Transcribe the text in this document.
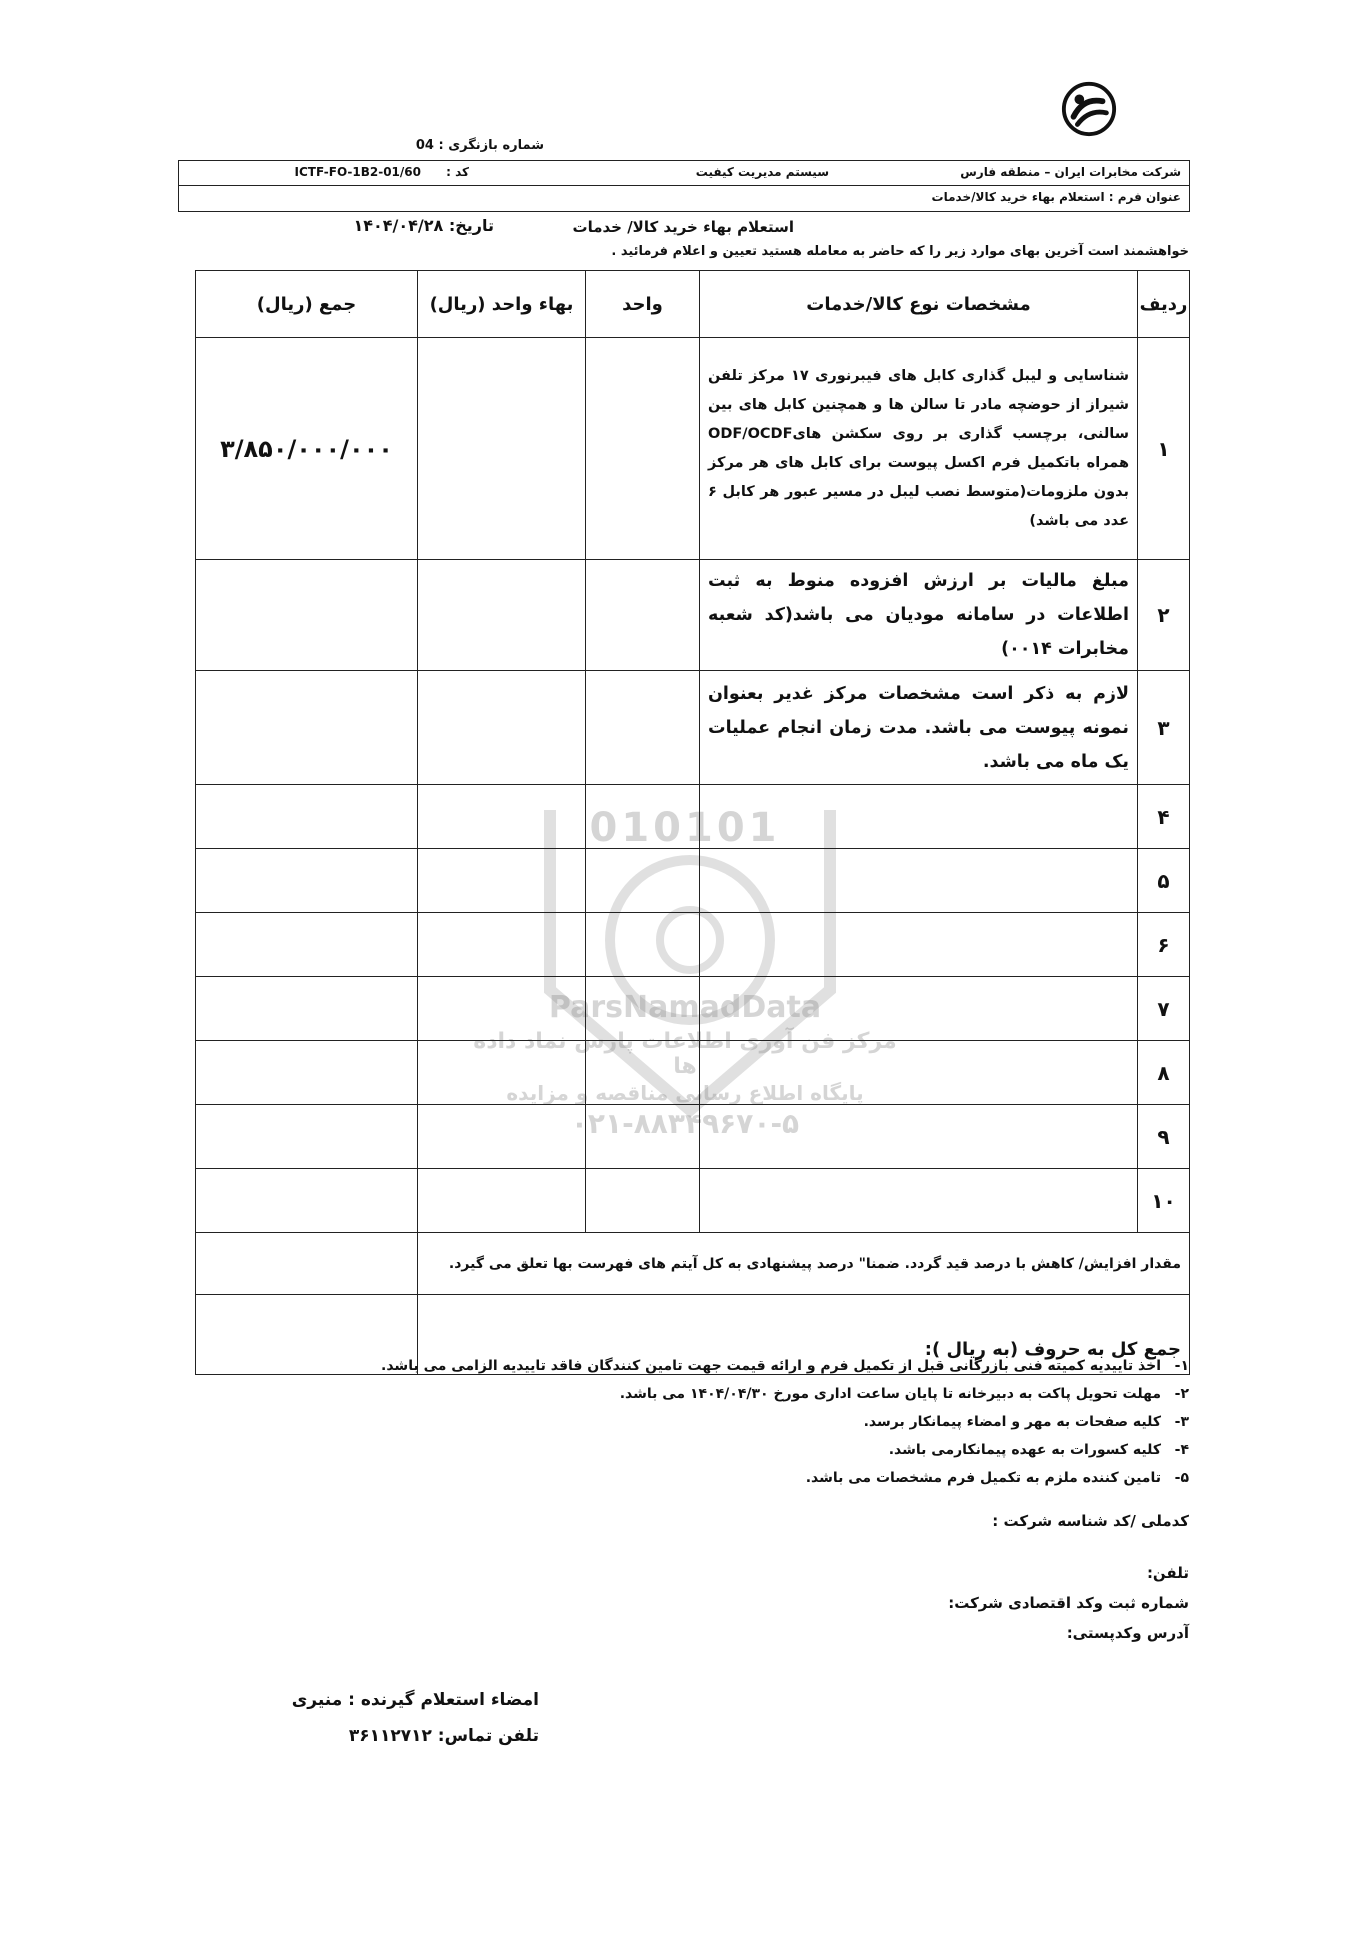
010101
ParsNamadData
مرکز فن آوری اطلاعات پارس نماد داده ها
پایگاه اطلاع رسانی مناقصه و مزایده
۰۲۱-۸۸۳۴۹۶۷۰-۵
شماره بازنگری : 04
شرکت مخابرات ایران – منطقه فارس
سیستم مدیریت کیفیت
کد :
ICTF-FO-1B2-01/60
عنوان فرم : استعلام بهاء خرید کالا/خدمات
استعلام بهاء خرید کالا/ خدمات
تاریخ: ۱۴۰۴/۰۴/۲۸
خواهشمند است آخرین بهای موارد زیر را که حاضر به معامله هستید تعیین و اعلام فرمائید .
ردیف	مشخصات نوع کالا/خدمات	واحد	بهاء واحد (ریال)	جمع (ریال)
۱	شناسایی و لیبل گذاری کابل های فیبرنوری ۱۷ مرکز تلفن شیراز از حوضچه مادر تا سالن ها و همچنین کابل های بین سالنی، برچسب گذاری بر روی سکشن هایODF/OCDF همراه باتکمیل فرم اکسل پیوست برای کابل های هر مرکز بدون ملزومات(متوسط نصب لیبل در مسیر عبور هر کابل ۶ عدد می باشد)			۳/۸۵۰/۰۰۰/۰۰۰
۲	مبلغ مالیات بر ارزش افزوده منوط به ثبت اطلاعات در سامانه مودیان می باشد(کد شعبه مخابرات ۰۰۱۴)			
۳	لازم به ذکر است مشخصات مرکز غدیر بعنوان نمونه پیوست می باشد. مدت زمان انجام عملیات یک ماه می باشد.			
۴				
۵				
۶				
۷				
۸				
۹				
۱۰				
مقدار افزایش/ کاهش با درصد قید گردد. ضمنا" درصد پیشنهادی به کل آیتم های فهرست بها تعلق می گیرد.				
جمع کل به حروف (به ریال ):				
۱-اخذ تاییدیه کمیته فنی بازرگانی قبل از تکمیل فرم و ارائه قیمت جهت تامین کنندگان فاقد تاییدیه الزامی می باشد.
۲-مهلت تحویل پاکت به دبیرخانه تا پایان ساعت اداری مورخ ۱۴۰۴/۰۴/۳۰ می باشد.
۳-کلیه صفحات به مهر و امضاء پیمانکار برسد.
۴-کلیه کسورات به عهده پیمانکارمی باشد.
۵-تامین کننده ملزم به تکمیل فرم مشخصات می باشد.
کدملی /کد شناسه شرکت :
تلفن:
شماره ثبت وکد اقتصادی شرکت:
آدرس وکدپستی:
امضاء استعلام گیرنده : منیری
تلفن تماس: ۳۶۱۱۲۷۱۲
